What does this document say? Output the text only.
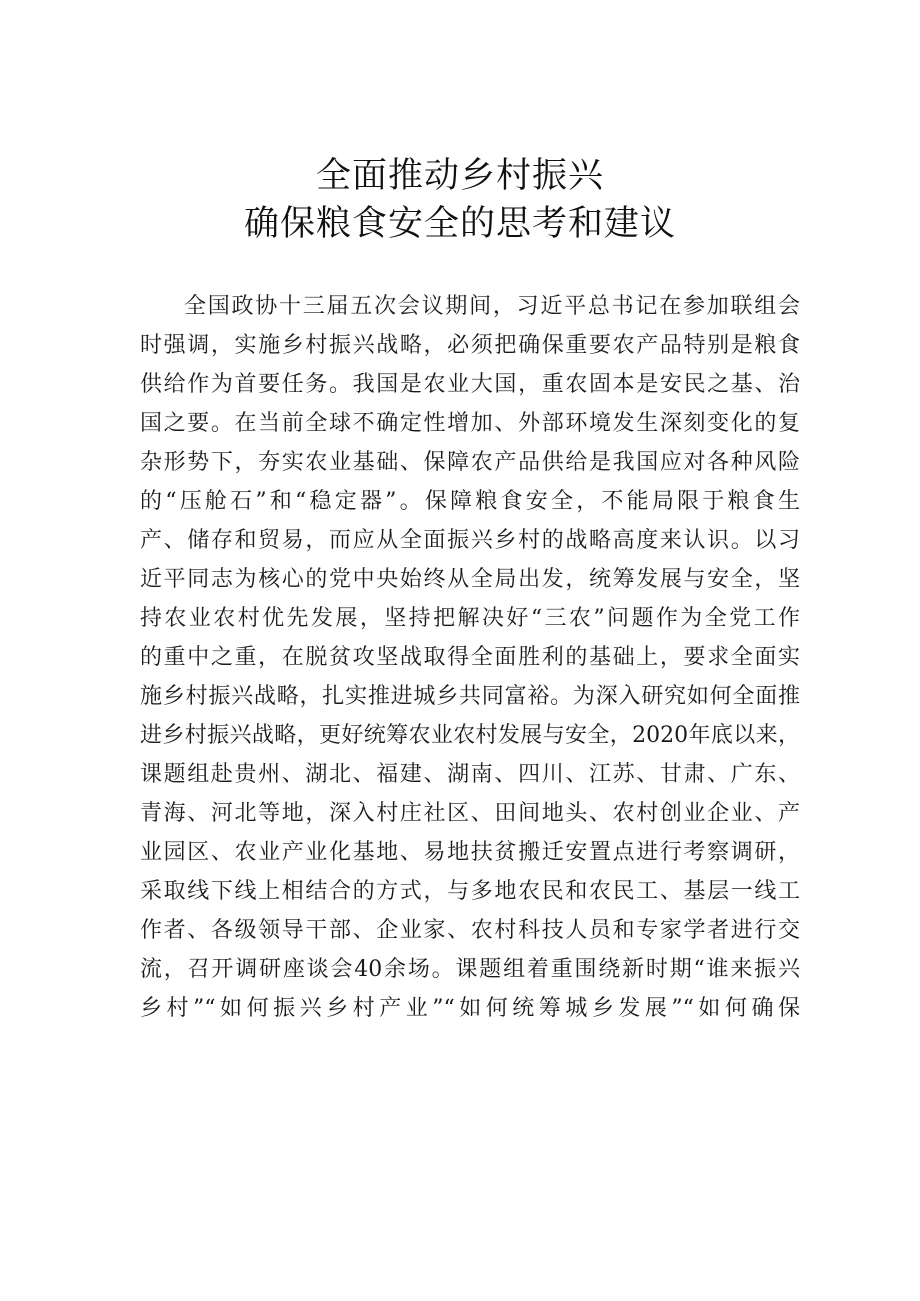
全面推动乡村振兴
确保粮食安全的思考和建议
全国政协十三届五次会议期间，习近平总书记在参加联组会
时强调，实施乡村振兴战略，必须把确保重要农产品特别是粮食
供给作为首要任务。我国是农业大国，重农固本是安民之基、治
国之要。在当前全球不确定性增加、外部环境发生深刻变化的复
杂形势下，夯实农业基础、保障农产品供给是我国应对各种风险
的“压舱石”和“稳定器”。保障粮食安全，不能局限于粮食生
产、储存和贸易，而应从全面振兴乡村的战略高度来认识。以习
近平同志为核心的党中央始终从全局出发，统筹发展与安全，坚
持农业农村优先发展，坚持把解决好“三农”问题作为全党工作
的重中之重，在脱贫攻坚战取得全面胜利的基础上，要求全面实
施乡村振兴战略，扎实推进城乡共同富裕。为深入研究如何全面推
进乡村振兴战略，更好统筹农业农村发展与安全，2020年底以来，
课题组赴贵州、湖北、福建、湖南、四川、江苏、甘肃、广东、
青海、河北等地，深入村庄社区、田间地头、农村创业企业、产
业园区、农业产业化基地、易地扶贫搬迁安置点进行考察调研，
采取线下线上相结合的方式，与多地农民和农民工、基层一线工
作者、各级领导干部、企业家、农村科技人员和专家学者进行交
流，召开调研座谈会40余场。课题组着重围绕新时期“谁来振兴
乡村”“如何振兴乡村产业”“如何统筹城乡发展”“如何确保
